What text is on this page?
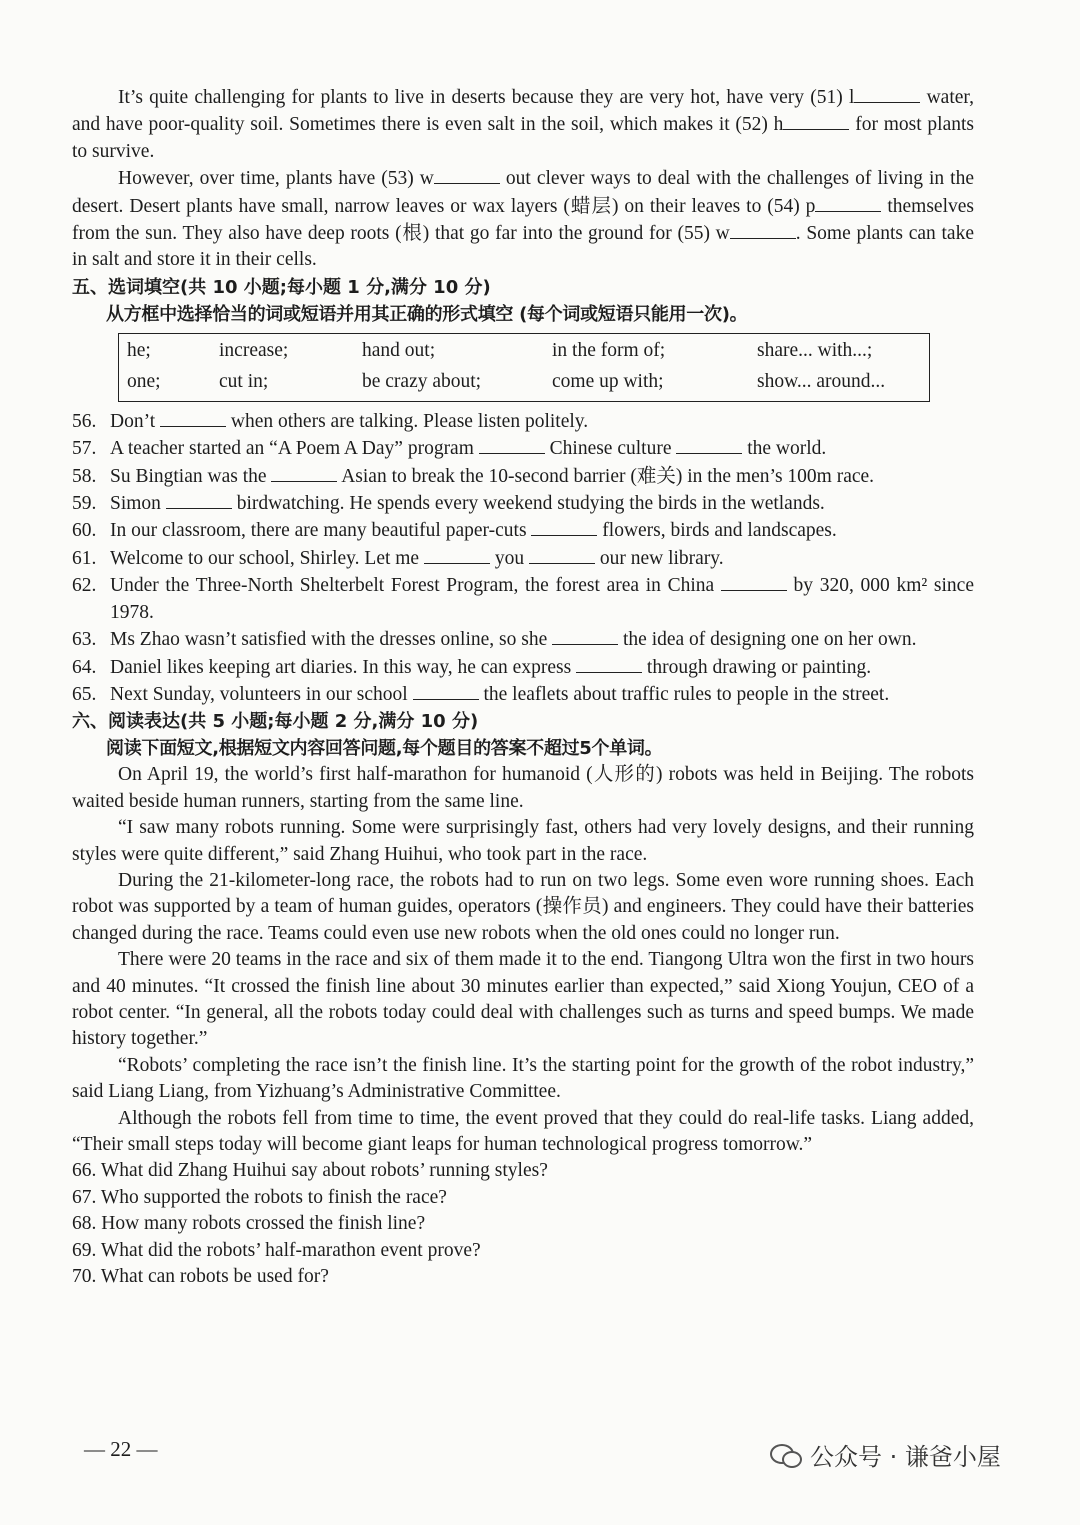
It’s quite challenging for plants to live in deserts because they are very hot, have very (51) l	water, and have poor-quality soil. Sometimes there is even salt in the soil, which makes it (52) h	for most plants to survive.

However, over time, plants have (53) w	out clever ways to deal with the challenges of living in the desert. Desert plants have small, narrow leaves or wax layers (蜡层) on their leaves to (54) p	themselves from the sun. They also have deep roots (根) that go far into the ground for (55) w	. Some plants can take in salt and store it in their cells.

五、选词填空(共 10 小题;每小题 1 分,满分 10 分)
从方框中选择恰当的词或短语并用其正确的形式填空 (每个词或短语只能用一次)。
he;	increase;	hand out;	in the form of;	share... with...;
one;	cut in;	be crazy about;	come up with;	show... around...

56. Don’t	when others are talking. Please listen politely.

57. A teacher started an “A Poem A Day” program	Chinese culture	the world.

58. Su Bingtian was the	Asian to break the 10-second barrier (难关) in the men’s 100m race.

59. Simon	birdwatching. He spends every weekend studying the birds in the wetlands.

60. In our classroom, there are many beautiful paper-cuts	flowers, birds and landscapes.

61. Welcome to our school, Shirley. Let me	you	our new library.

62. Under the Three-North Shelterbelt Forest Program, the forest area in China	by 320, 000 km² since 1978.

63. Ms Zhao wasn’t satisfied with the dresses online, so she	the idea of designing one on her own.

64. Daniel likes keeping art diaries. In this way, he can express	through drawing or painting.

65. Next Sunday, volunteers in our school	the leaflets about traffic rules to people in the street.

六、阅读表达(共 5 小题;每小题 2 分,满分 10 分)
阅读下面短文,根据短文内容回答问题,每个题目的答案不超过5个单词。

On April 19, the world’s first half-marathon for humanoid (人形的) robots was held in Beijing. The robots waited beside human runners, starting from the same line.

“I saw many robots running. Some were surprisingly fast, others had very lovely designs, and their running styles were quite different,” said Zhang Huihui, who took part in the race.

During the 21-kilometer-long race, the robots had to run on two legs. Some even wore running shoes. Each robot was supported by a team of human guides, operators (操作员) and engineers. They could have their batteries changed during the race. Teams could even use new robots when the old ones could no longer run.

There were 20 teams in the race and six of them made it to the end. Tiangong Ultra won the first in two hours and 40 minutes. “It crossed the finish line about 30 minutes earlier than expected,” said Xiong Youjun, CEO of a robot center. “In general, all the robots today could deal with challenges such as turns and speed bumps. We made history together.”

“Robots’ completing the race isn’t the finish line. It’s the starting point for the growth of the robot industry,” said Liang Liang, from Yizhuang’s Administrative Committee.

Although the robots fell from time to time, the event proved that they could do real-life tasks. Liang added, “Their small steps today will become giant leaps for human technological progress tomorrow.”

66. What did Zhang Huihui say about robots’ running styles?

67. Who supported the robots to finish the race?

68. How many robots crossed the finish line?

69. What did the robots’ half-marathon event prove?

70. What can robots be used for?

— 22 —	公众号 · 谦爸小屋
